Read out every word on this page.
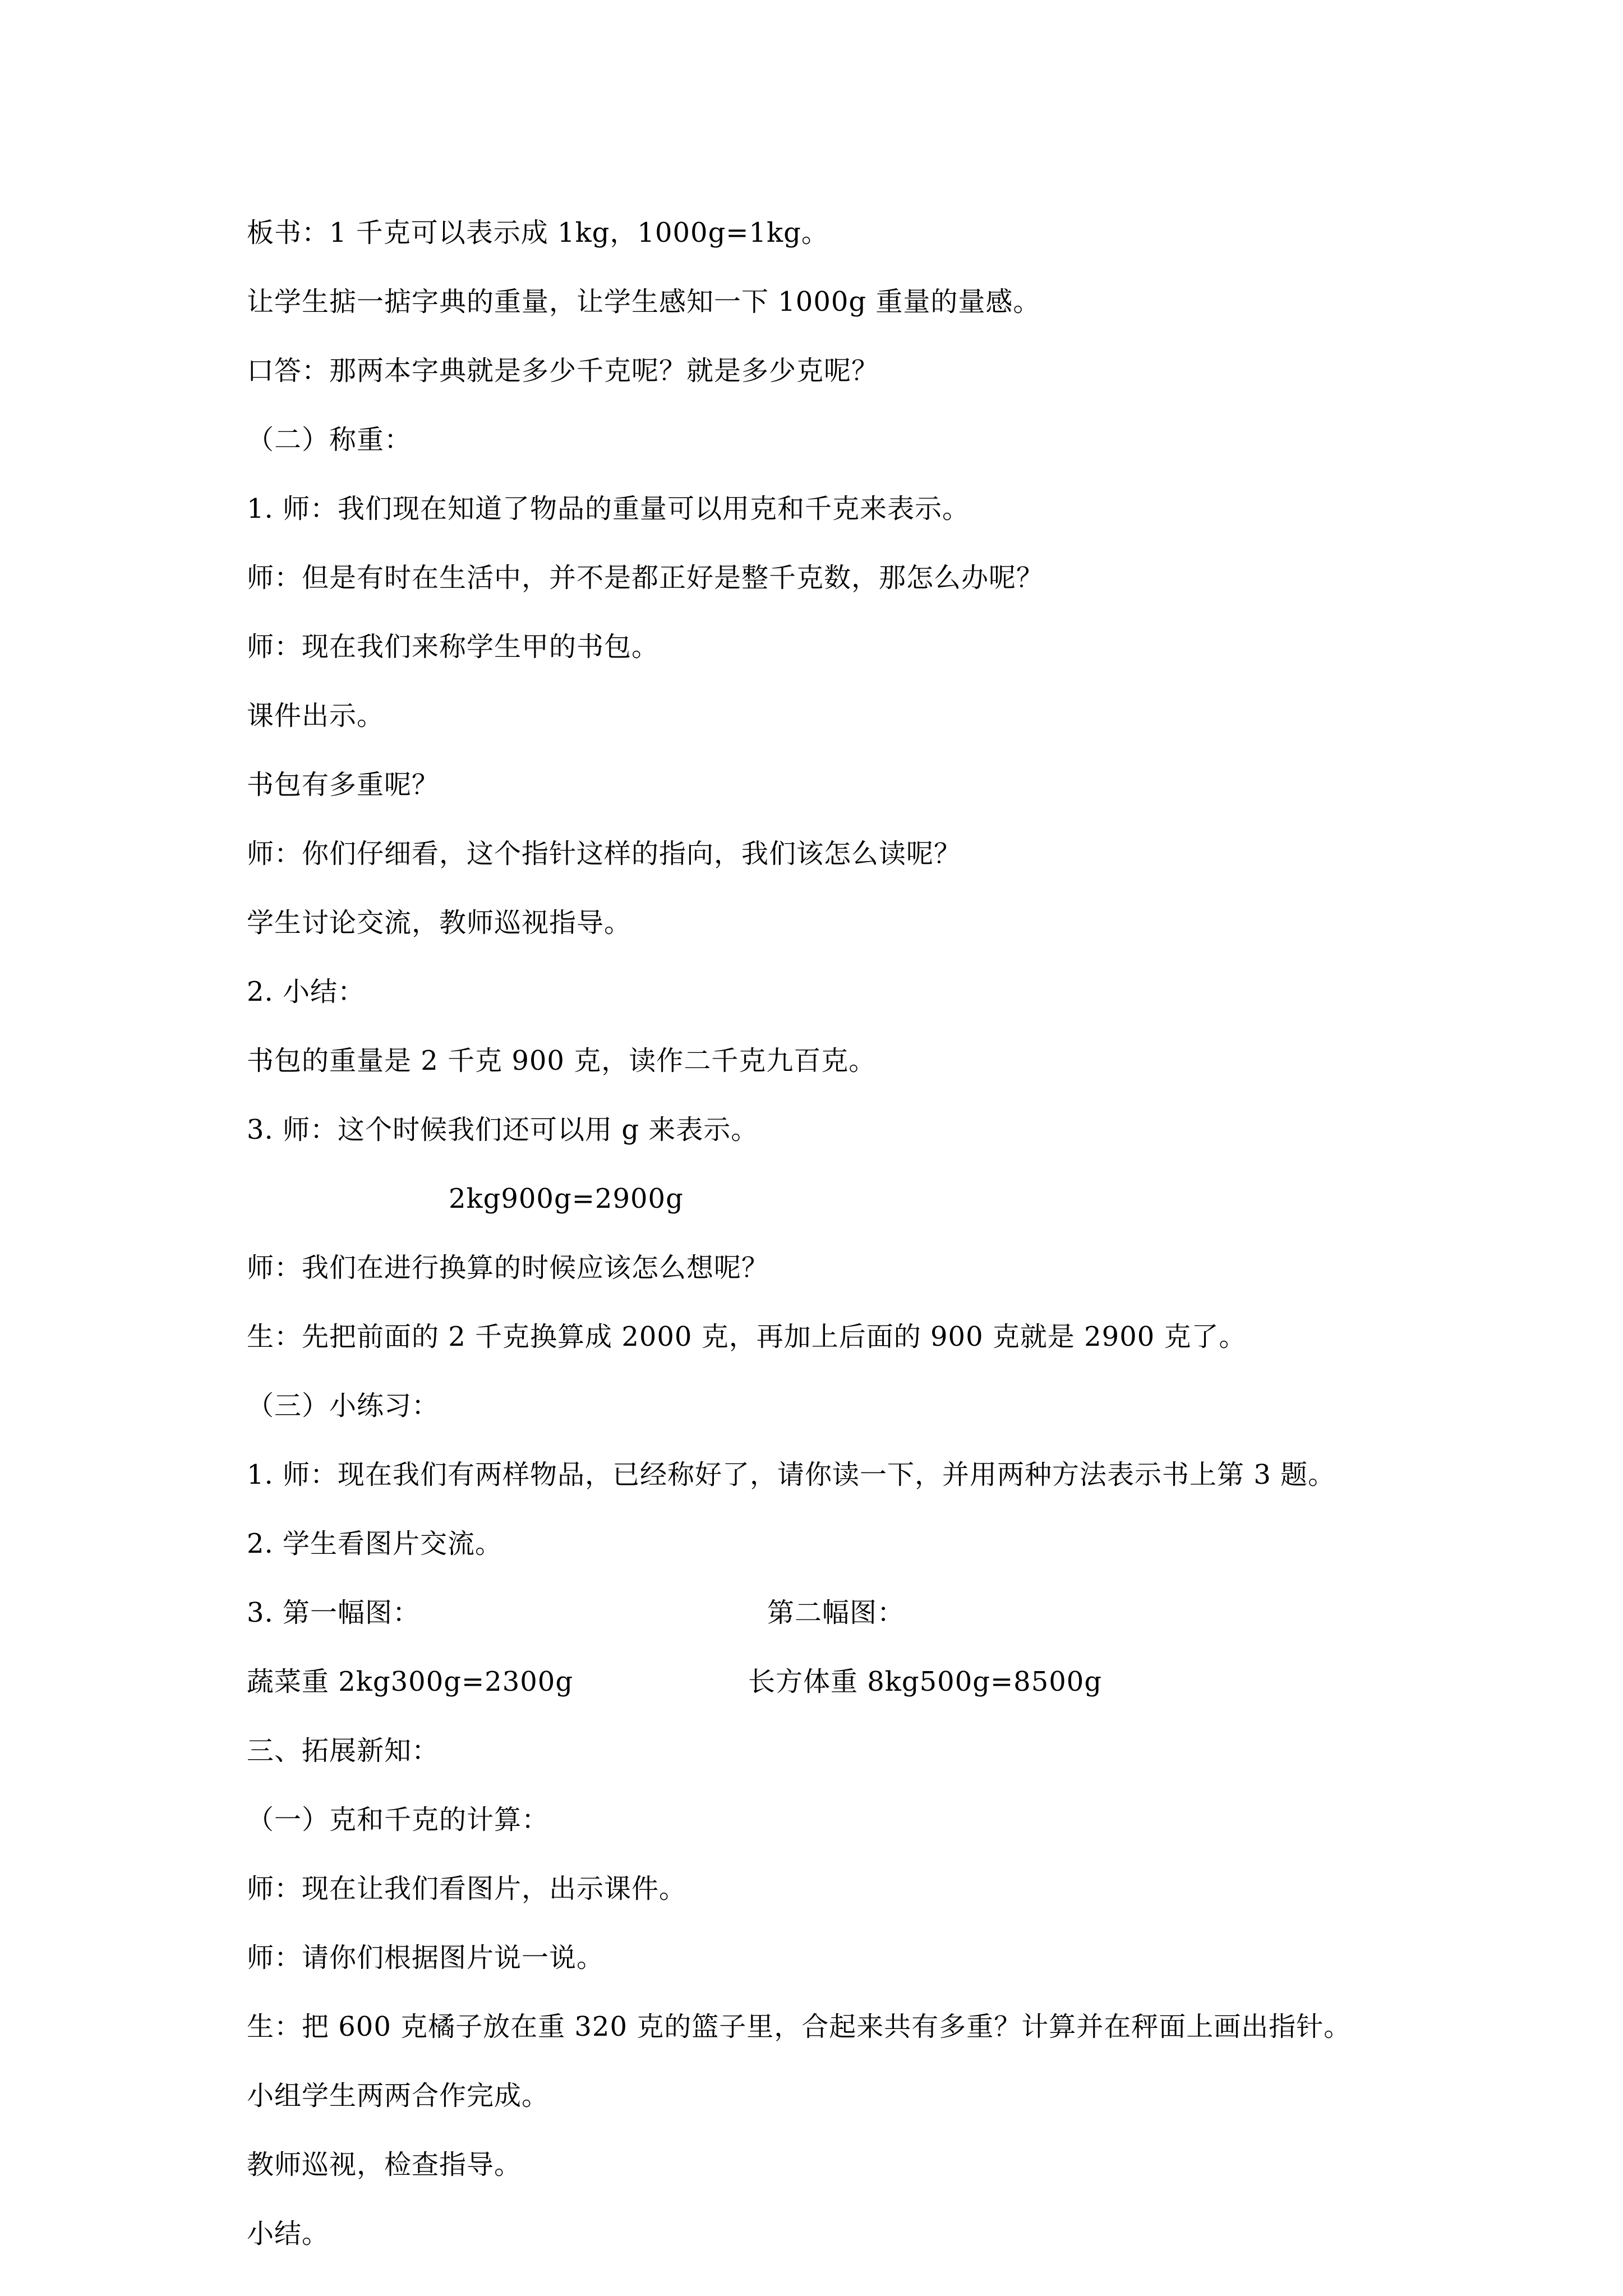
板书：1 千克可以表示成 1kg，1000g=1kg。
让学生掂一掂字典的重量，让学生感知一下 1000g 重量的量感。
口答：那两本字典就是多少千克呢？就是多少克呢？
（二）称重：
1. 师：我们现在知道了物品的重量可以用克和千克来表示。
师：但是有时在生活中，并不是都正好是整千克数，那怎么办呢？
师：现在我们来称学生甲的书包。
课件出示。
书包有多重呢？
师：你们仔细看，这个指针这样的指向，我们该怎么读呢？
学生讨论交流，教师巡视指导。
2. 小结：
书包的重量是 2 千克 900 克，读作二千克九百克。
3. 师：这个时候我们还可以用 g 来表示。
2kg900g=2900g
师：我们在进行换算的时候应该怎么想呢？
生：先把前面的 2 千克换算成 2000 克，再加上后面的 900 克就是 2900 克了。
（三）小练习：
1. 师：现在我们有两样物品，已经称好了，请你读一下，并用两种方法表示书上第 3 题。
2. 学生看图片交流。
3. 第一幅图：	第二幅图：
蔬菜重 2kg300g=2300g	长方体重 8kg500g=8500g
三、拓展新知：
（一）克和千克的计算：
师：现在让我们看图片，出示课件。
师：请你们根据图片说一说。
生：把 600 克橘子放在重 320 克的篮子里，合起来共有多重？计算并在秤面上画出指针。
小组学生两两合作完成。
教师巡视，检查指导。
小结。
